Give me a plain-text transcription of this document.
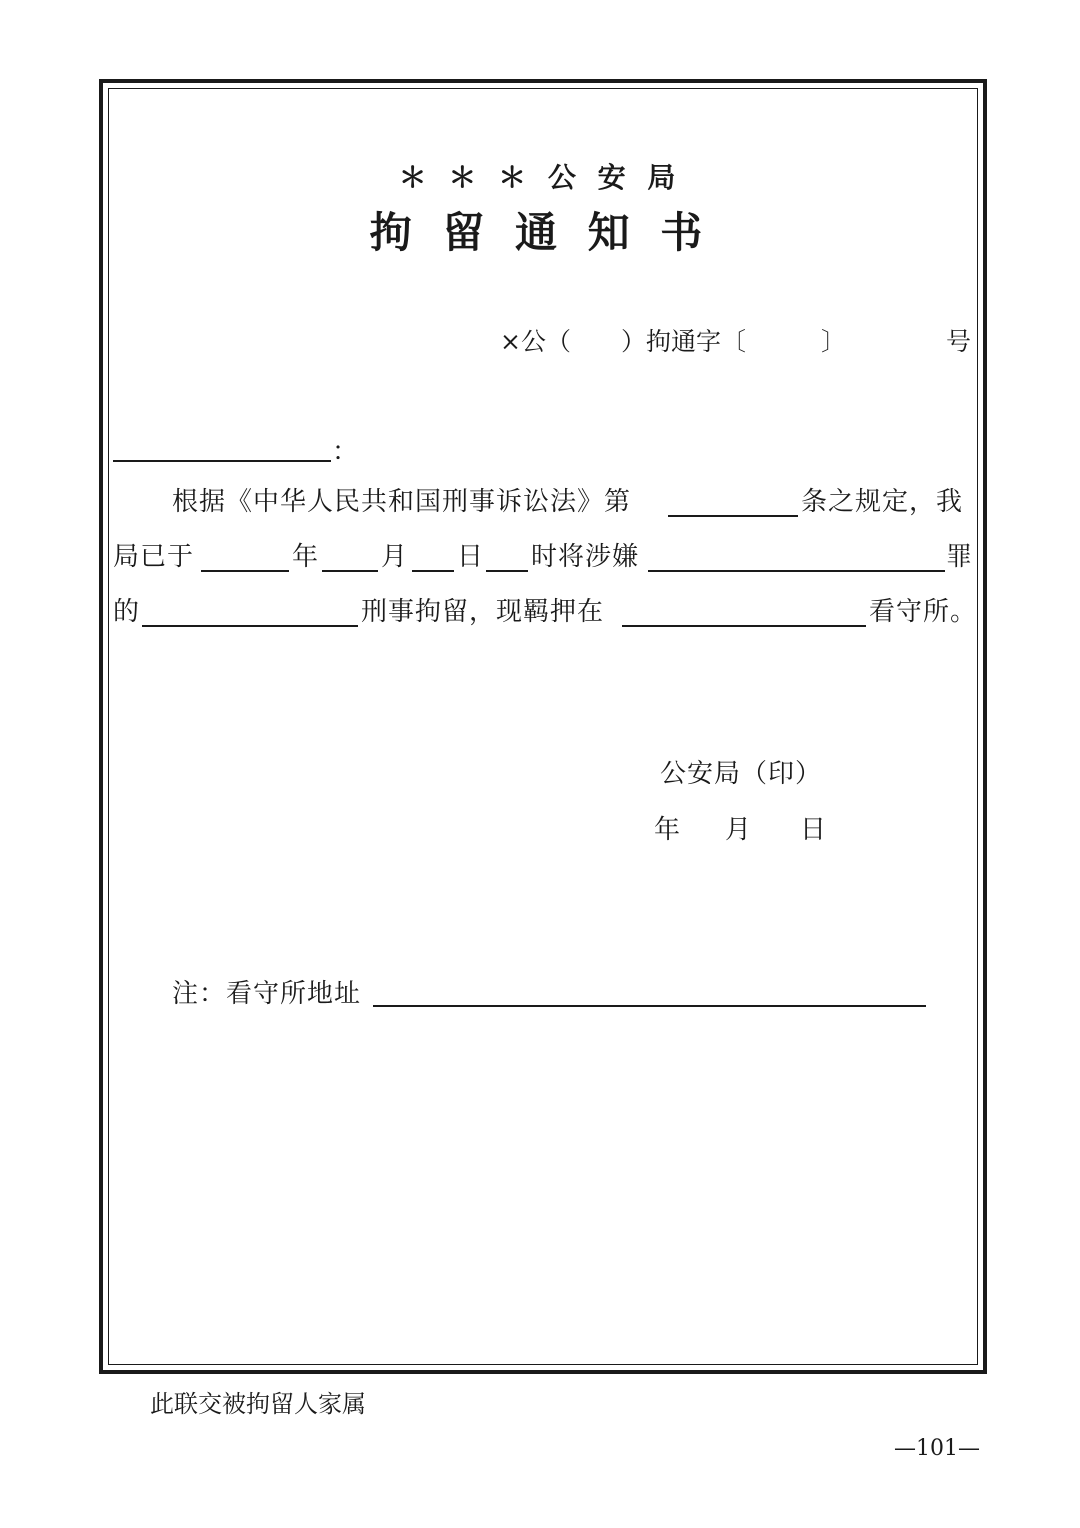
＊ ＊ ＊ 公 安 局
拘 留 通 知 书
×公（　　）拘通字〔　　　〕	号
：
根据《中华人民共和国刑事诉讼法》第	条之规定，我
局已于	年 月 日 时将涉嫌	罪
的	刑事拘留，现羁押在	看守所。
公安局（印）
年 月 日
注：看守所地址
此联交被拘留人家属
—101—
